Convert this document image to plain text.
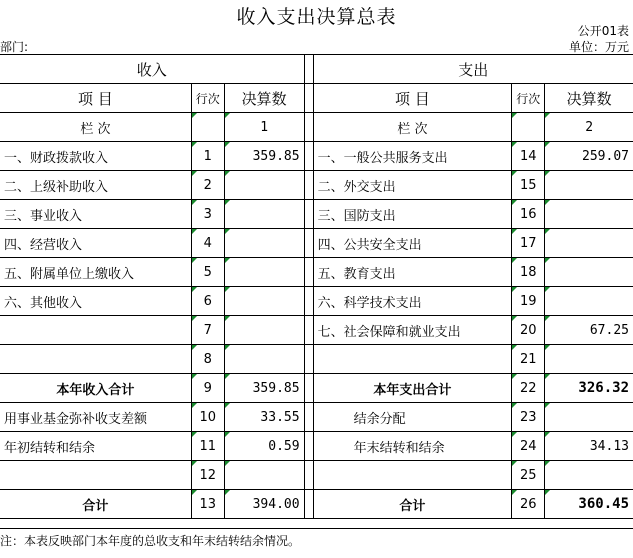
收入支出决算总表
公开01表
部门:	单位：万元
收入				支出		
项 目	行次	决算数		项 目	行次	决算数
栏 次		1		栏 次		2
一、财政拨款收入	1	359.85		一、一般公共服务支出	14	259.07
二、上级补助收入	2			二、外交支出	15	
三、事业收入	3			三、国防支出	16	
四、经营收入	4			四、公共安全支出	17	
五、附属单位上缴收入	5			五、教育支出	18	
六、其他收入	6			六、科学技术支出	19	
	7			七、社会保障和就业支出	20	67.25
	8				21	
本年收入合计	9	359.85		本年支出合计	22	326.32
用事业基金弥补收支差额	10	33.55		结余分配	23	
年初结转和结余	11	0.59		年末结转和结余	24	34.13
	12				25	
合计	13	394.00		合计	26	360.45
注：本表反映部门本年度的总收支和年末结转结余情况。
